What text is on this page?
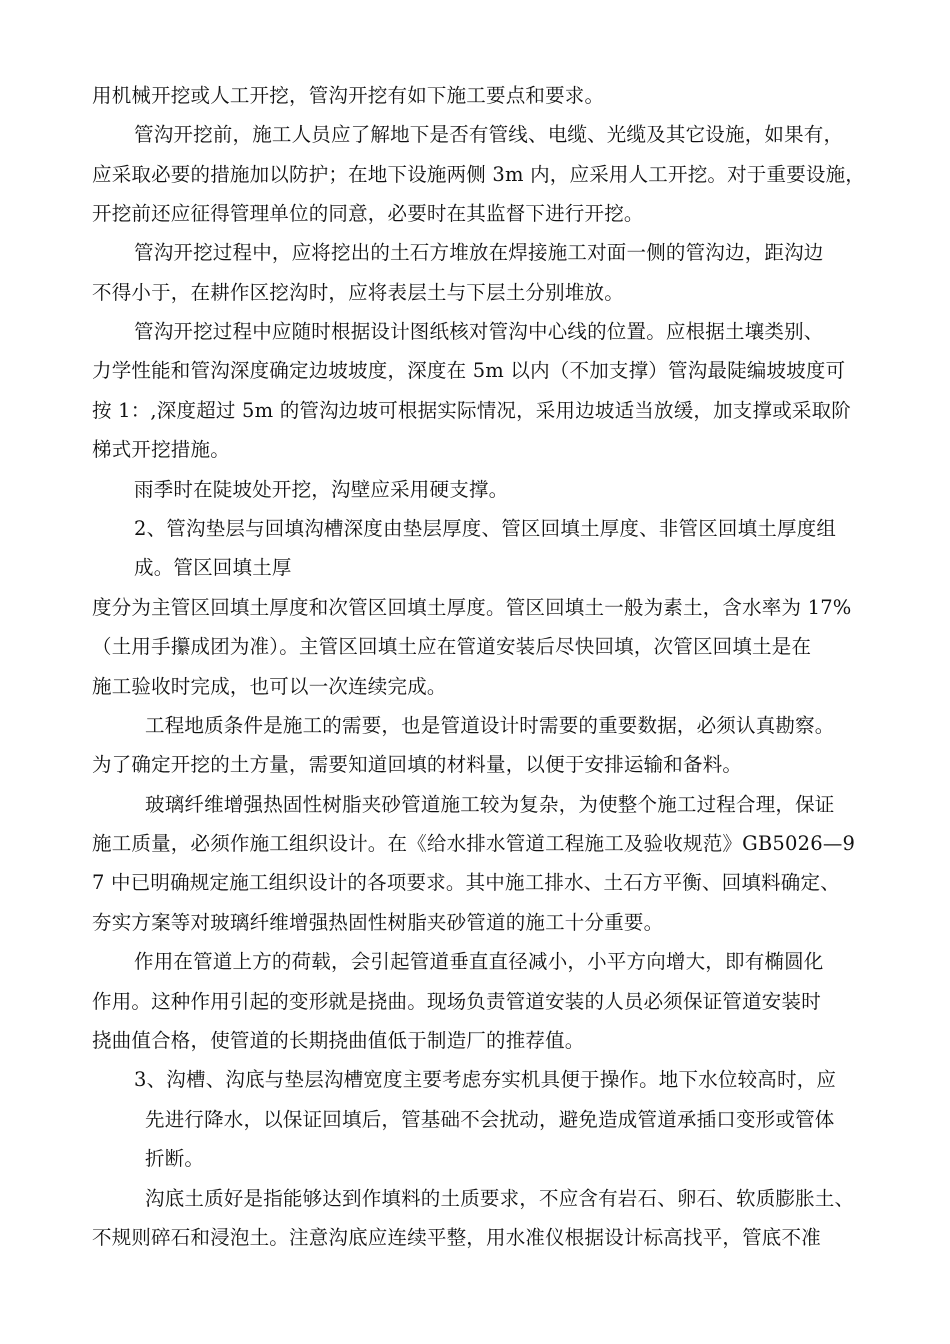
用机械开挖或人工开挖，管沟开挖有如下施工要点和要求。
管沟开挖前，施工人员应了解地下是否有管线、电缆、光缆及其它设施，如果有，
应采取必要的措施加以防护；在地下设施两侧 3m 内，应采用人工开挖。对于重要设施，
开挖前还应征得管理单位的同意，必要时在其监督下进行开挖。
管沟开挖过程中，应将挖出的土石方堆放在焊接施工对面一侧的管沟边，距沟边
不得小于，在耕作区挖沟时，应将表层土与下层土分别堆放。
管沟开挖过程中应随时根据设计图纸核对管沟中心线的位置。应根据土壤类别、
力学性能和管沟深度确定边坡坡度，深度在 5m 以内（不加支撑）管沟最陡编坡坡度可
按 1：,深度超过 5m 的管沟边坡可根据实际情况，采用边坡适当放缓，加支撑或采取阶
梯式开挖措施。
雨季时在陡坡处开挖，沟壁应采用硬支撑。
2、管沟垫层与回填沟槽深度由垫层厚度、管区回填土厚度、非管区回填土厚度组
成。管区回填土厚
度分为主管区回填土厚度和次管区回填土厚度。管区回填土一般为素土，含水率为 17%
（土用手攥成团为准）。主管区回填土应在管道安装后尽快回填，次管区回填土是在
施工验收时完成，也可以一次连续完成。
工程地质条件是施工的需要，也是管道设计时需要的重要数据，必须认真勘察。
为了确定开挖的土方量，需要知道回填的材料量，以便于安排运输和备料。
玻璃纤维增强热固性树脂夹砂管道施工较为复杂，为使整个施工过程合理，保证
施工质量，必须作施工组织设计。在《给水排水管道工程施工及验收规范》GB5026—9
7 中已明确规定施工组织设计的各项要求。其中施工排水、土石方平衡、回填料确定、
夯实方案等对玻璃纤维增强热固性树脂夹砂管道的施工十分重要。
作用在管道上方的荷载，会引起管道垂直直径减小，小平方向增大，即有椭圆化
作用。这种作用引起的变形就是挠曲。现场负责管道安装的人员必须保证管道安装时
挠曲值合格，使管道的长期挠曲值低于制造厂的推荐值。
3、沟槽、沟底与垫层沟槽宽度主要考虑夯实机具便于操作。地下水位较高时，应
先进行降水，以保证回填后，管基础不会扰动，避免造成管道承插口变形或管体
折断。
沟底土质好是指能够达到作填料的土质要求，不应含有岩石、卵石、软质膨胀土、
不规则碎石和浸泡土。注意沟底应连续平整，用水准仪根据设计标高找平，管底不准
